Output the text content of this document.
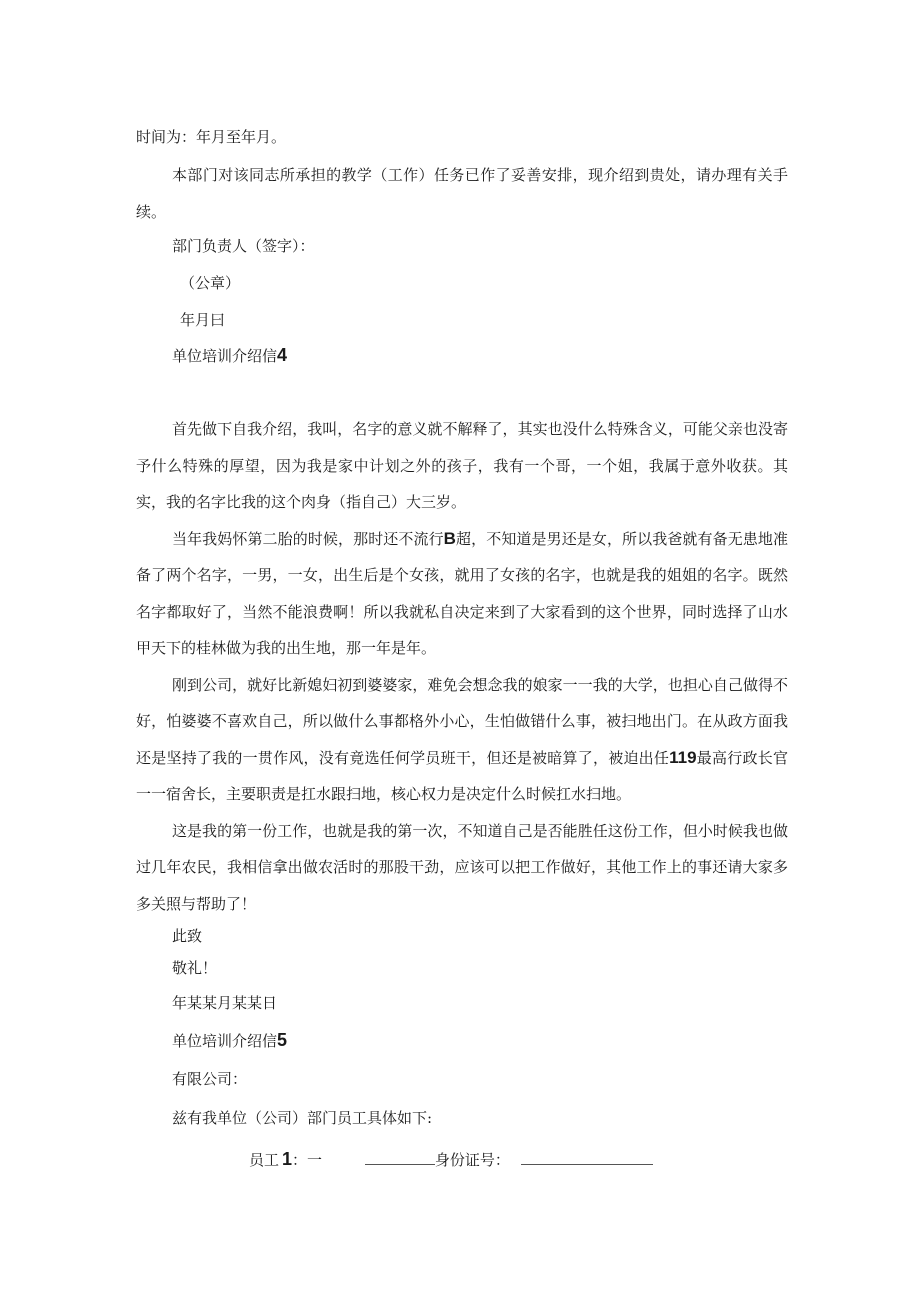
时间为：年月至年月。

本部门对该同志所承担的教学（工作）任务已作了妥善安排，现介绍到贵处，请办理有关手续。

部门负责人（签字）：
（公章）
年月曰
单位培训介绍信4

首先做下自我介绍，我叫，名字的意义就不解释了，其实也没什么特殊含义，可能父亲也没寄予什么特殊的厚望，因为我是家中计划之外的孩子，我有一个哥，一个姐，我属于意外收获。其实，我的名字比我的这个肉身（指自己）大三岁。

当年我妈怀第二胎的时候，那时还不流行B超，不知道是男还是女，所以我爸就有备无患地准备了两个名字，一男，一女，出生后是个女孩，就用了女孩的名字，也就是我的姐姐的名字。既然名字都取好了，当然不能浪费啊！所以我就私自决定来到了大家看到的这个世界，同时选择了山水甲天下的桂林做为我的出生地，那一年是年。

刚到公司，就好比新媳妇初到婆婆家，难免会想念我的娘家一一我的大学，也担心自己做得不好，怕婆婆不喜欢自己，所以做什么事都格外小心，生怕做错什么事，被扫地出门。在从政方面我还是坚持了我的一贯作风，没有竟选任何学员班干，但还是被暗算了，被迫出任119最高行政长官一一宿舍长，主要职责是扛水跟扫地，核心权力是决定什么时候扛水扫地。

这是我的第一份工作，也就是我的第一次，不知道自己是否能胜任这份工作，但小时候我也做过几年农民，我相信拿出做农活时的那股干劲，应该可以把工作做好，其他工作上的事还请大家多多关照与帮助了！

此致
敬礼！
年某某月某某日
单位培训介绍信5
有限公司：
兹有我单位（公司）部门员工具体如下:
员工 1：一	身份证号：
